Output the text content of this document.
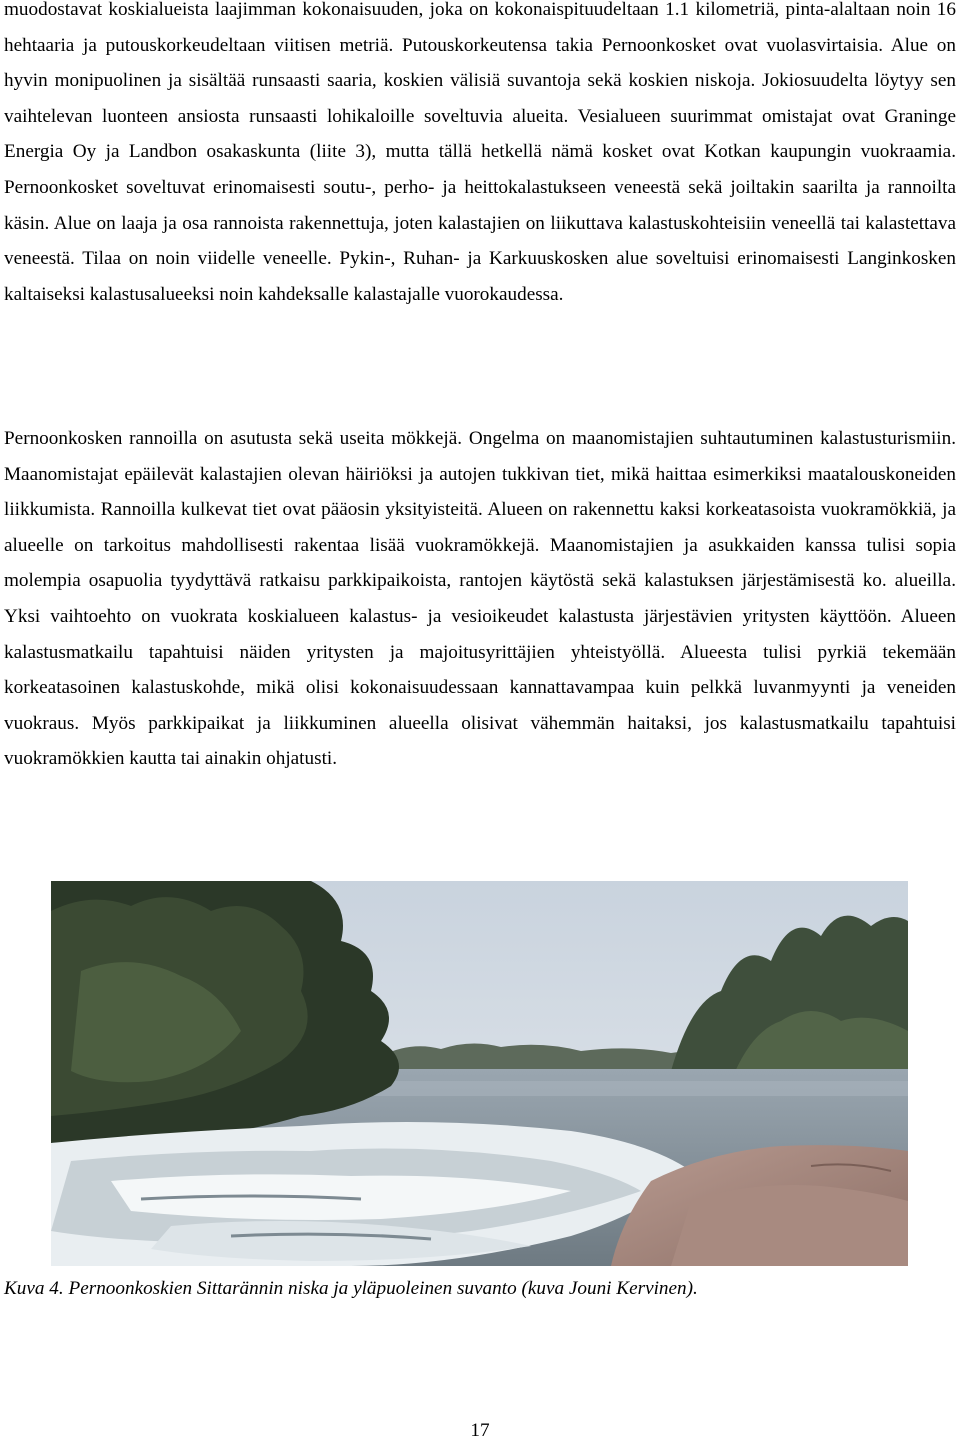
muodostavat koskialueista laajimman kokonaisuuden, joka on kokonaispituudeltaan 1.1 kilometriä, pinta-alaltaan noin 16 hehtaaria ja putouskorkeudeltaan viitisen metriä. Putouskorkeutensa takia Pernoonkosket ovat vuolasvirtaisia. Alue on hyvin monipuolinen ja sisältää runsaasti saaria, koskien välisiä suvantoja sekä koskien niskoja. Jokiosuudelta löytyy sen vaihtelevan luonteen ansiosta runsaasti lohikaloille soveltuvia alueita. Vesialueen suurimmat omistajat ovat Graninge Energia Oy ja Landbon osakaskunta (liite 3), mutta tällä hetkellä nämä kosket ovat Kotkan kaupungin vuokraamia. Pernoonkosket soveltuvat erinomaisesti soutu-, perho- ja heittokalastukseen veneestä sekä joiltakin saarilta ja rannoilta käsin. Alue on laaja ja osa rannoista rakennettuja, joten kalastajien on liikuttava kalastuskohteisiin veneellä tai kalastettava veneestä. Tilaa on noin viidelle veneelle. Pykin-, Ruhan- ja Karkuuskosken alue soveltuisi erinomaisesti Langinkosken kaltaiseksi kalastusalueeksi noin kahdeksalle kalastajalle vuorokaudessa.

Pernoonkosken rannoilla on asutusta sekä useita mökkejä. Ongelma on maanomistajien suhtautuminen kalastusturismiin. Maanomistajat epäilevät kalastajien olevan häiriöksi ja autojen tukkivan tiet, mikä haittaa esimerkiksi maatalouskoneiden liikkumista. Rannoilla kulkevat tiet ovat pääosin yksityisteitä. Alueen on rakennettu kaksi korkeatasoista vuokramökkiä, ja alueelle on tarkoitus mahdollisesti rakentaa lisää vuokramökkejä. Maanomistajien ja asukkaiden kanssa tulisi sopia molempia osapuolia tyydyttävä ratkaisu parkkipaikoista, rantojen käytöstä sekä kalastuksen järjestämisestä ko. alueilla. Yksi vaihtoehto on vuokrata koskialueen kalastus- ja vesioikeudet kalastusta järjestävien yritysten käyttöön. Alueen kalastusmatkailu tapahtuisi näiden yritysten ja majoitusyrittäjien yhteistyöllä. Alueesta tulisi pyrkiä tekemään korkeatasoinen kalastuskohde, mikä olisi kokonaisuudessaan kannattavampaa kuin pelkkä luvanmyynti ja veneiden vuokraus. Myös parkkipaikat ja liikkuminen alueella olisivat vähemmän haitaksi, jos kalastusmatkailu tapahtuisi vuokramökkien kautta tai ainakin ohjatusti.

Kuva 4. Pernoonkoskien Sittarännin niska ja yläpuoleinen suvanto (kuva Jouni Kervinen).

17
